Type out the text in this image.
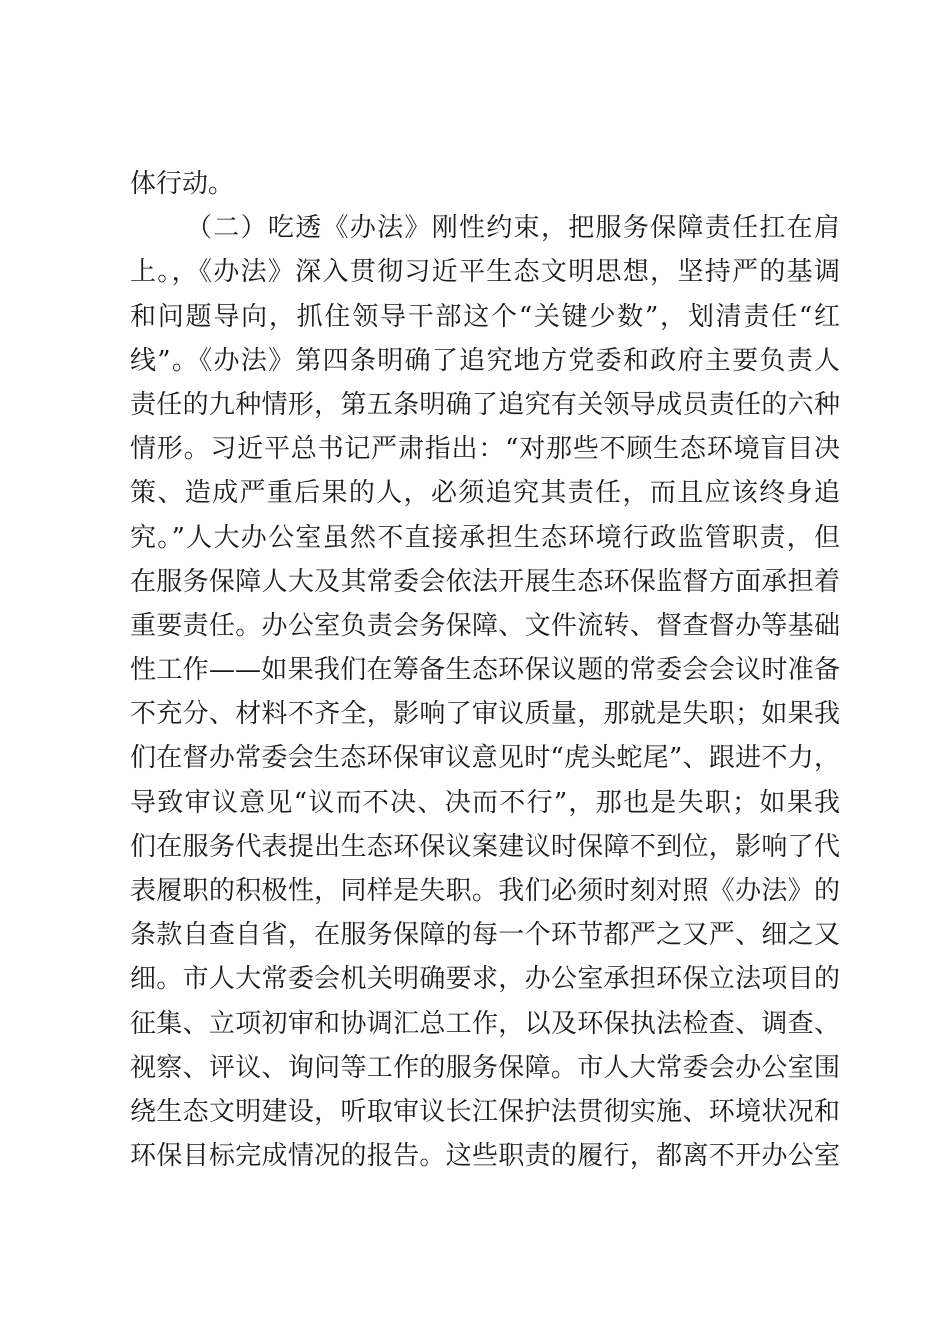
体行动。
（二）吃透《办法》刚性约束，把服务保障责任扛在肩
上。，《办法》深入贯彻习近平生态文明思想，坚持严的基调
和问题导向，抓住领导干部这个“关键少数”，划清责任“红
线”。《办法》第四条明确了追究地方党委和政府主要负责人
责任的九种情形，第五条明确了追究有关领导成员责任的六种
情形。习近平总书记严肃指出：“对那些不顾生态环境盲目决
策、造成严重后果的人，必须追究其责任，而且应该终身追
究。”人大办公室虽然不直接承担生态环境行政监管职责，但
在服务保障人大及其常委会依法开展生态环保监督方面承担着
重要责任。办公室负责会务保障、文件流转、督查督办等基础
性工作——如果我们在筹备生态环保议题的常委会会议时准备
不充分、材料不齐全，影响了审议质量，那就是失职；如果我
们在督办常委会生态环保审议意见时“虎头蛇尾”、跟进不力，
导致审议意见“议而不决、决而不行”，那也是失职；如果我
们在服务代表提出生态环保议案建议时保障不到位，影响了代
表履职的积极性，同样是失职。我们必须时刻对照《办法》的
条款自查自省，在服务保障的每一个环节都严之又严、细之又
细。市人大常委会机关明确要求，办公室承担环保立法项目的
征集、立项初审和协调汇总工作，以及环保执法检查、调查、
视察、评议、询问等工作的服务保障。市人大常委会办公室围
绕生态文明建设，听取审议长江保护法贯彻实施、环境状况和
环保目标完成情况的报告。这些职责的履行，都离不开办公室
